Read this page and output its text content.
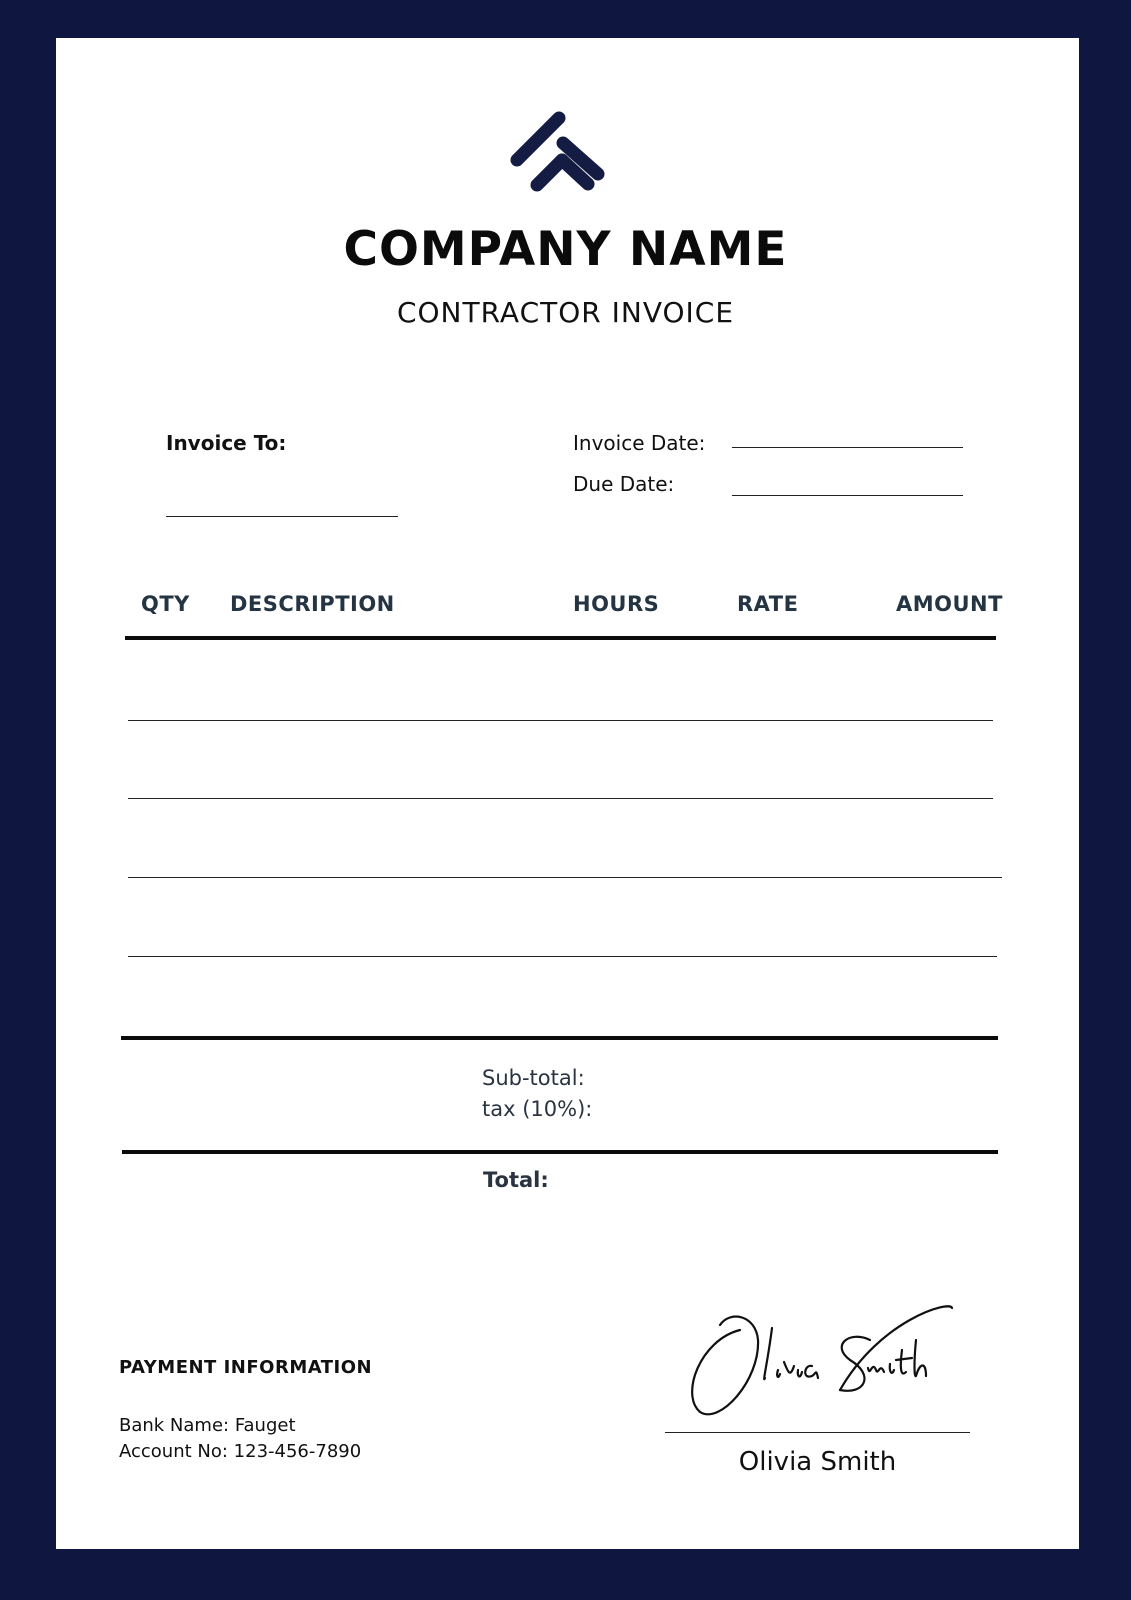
COMPANY NAME
CONTRACTOR INVOICE
Invoice To:	Invoice Date:
Due Date:
QTY DESCRIPTION	HOURS	RATE	AMOUNT
Sub-total:
tax (10%):
Total:
PAYMENT INFORMATION
Bank Name: Fauget
Account No: 123-456-7890	Olivia Smith
